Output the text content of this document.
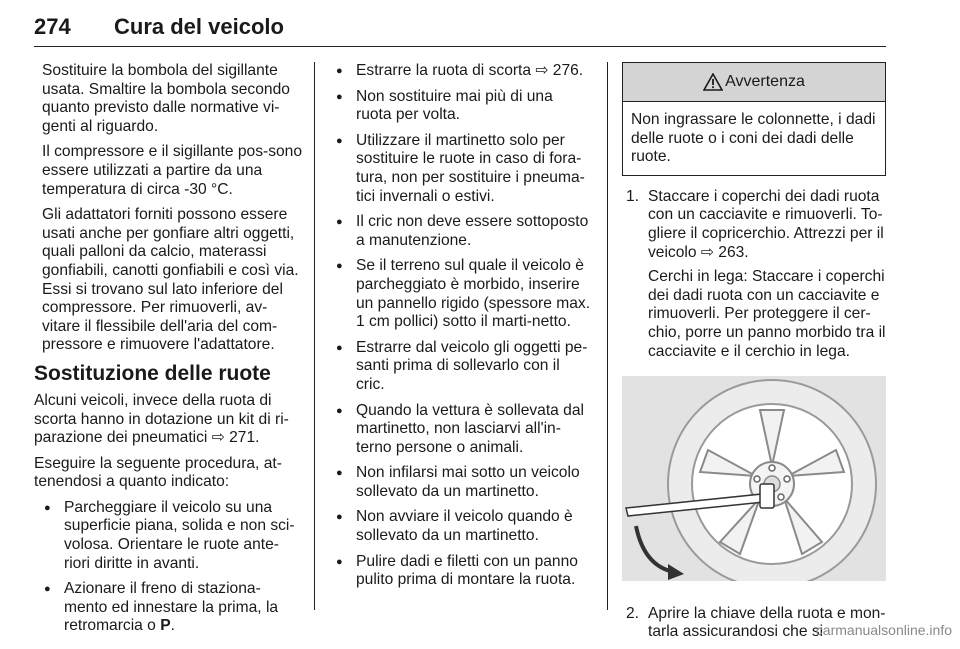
274 Cura del veicolo

Sostituire la bombola del sigillante usata. Smaltire la bombola secondo quanto previsto dalle normative vi-genti al riguardo.

Il compressore e il sigillante pos-sono essere utilizzati a partire da una temperatura di circa -30 °C.

Gli adattatori forniti possono essere usati anche per gonfiare altri oggetti, quali palloni da calcio, materassi gonfiabili, canotti gonfiabili e così via. Essi si trovano sul lato inferiore del compressore. Per rimuoverli, av-vitare il flessibile dell'aria del com-pressore e rimuovere l'adattatore.

Sostituzione delle ruote

Alcuni veicoli, invece della ruota di scorta hanno in dotazione un kit di ri-parazione dei pneumatici ⇨ 271.

Eseguire la seguente procedura, at-tenendosi a quanto indicato:

● Parcheggiare il veicolo su una superficie piana, solida e non sci-volosa. Orientare le ruote ante-riori diritte in avanti.
● Azionare il freno di staziona-mento ed innestare la prima, la retromarcia o P.
● Estrarre la ruota di scorta ⇨ 276.
● Non sostituire mai più di una ruota per volta.
● Utilizzare il martinetto solo per sostituire le ruote in caso di fora-tura, non per sostituire i pneuma-tici invernali o estivi.
● Il cric non deve essere sottoposto a manutenzione.
● Se il terreno sul quale il veicolo è parcheggiato è morbido, inserire un pannello rigido (spessore max. 1 cm pollici) sotto il marti-netto.
● Estrarre dal veicolo gli oggetti pe-santi prima di sollevarlo con il cric.
● Quando la vettura è sollevata dal martinetto, non lasciarvi all'in-terno persone o animali.
● Non infilarsi mai sotto un veicolo sollevato da un martinetto.
● Non avviare il veicolo quando è sollevato da un martinetto.
● Pulire dadi e filetti con un panno pulito prima di montare la ruota.
Avvertenza
Non ingrassare le colonnette, i dadi delle ruote o i coni dei dadi delle ruote.
1. Staccare i coperchi dei dadi ruota con un cacciavite e rimuoverli. To-gliere il copricerchio. Attrezzi per il veicolo ⇨ 263.
Cerchi in lega: Staccare i coperchi dei dadi ruota con un cacciavite e rimuoverli. Per proteggere il cer-chio, porre un panno morbido tra il cacciavite e il cerchio in lega.
2. Aprire la chiave della ruota e mon-tarla assicurandosi che si
carmanualsonline.info
